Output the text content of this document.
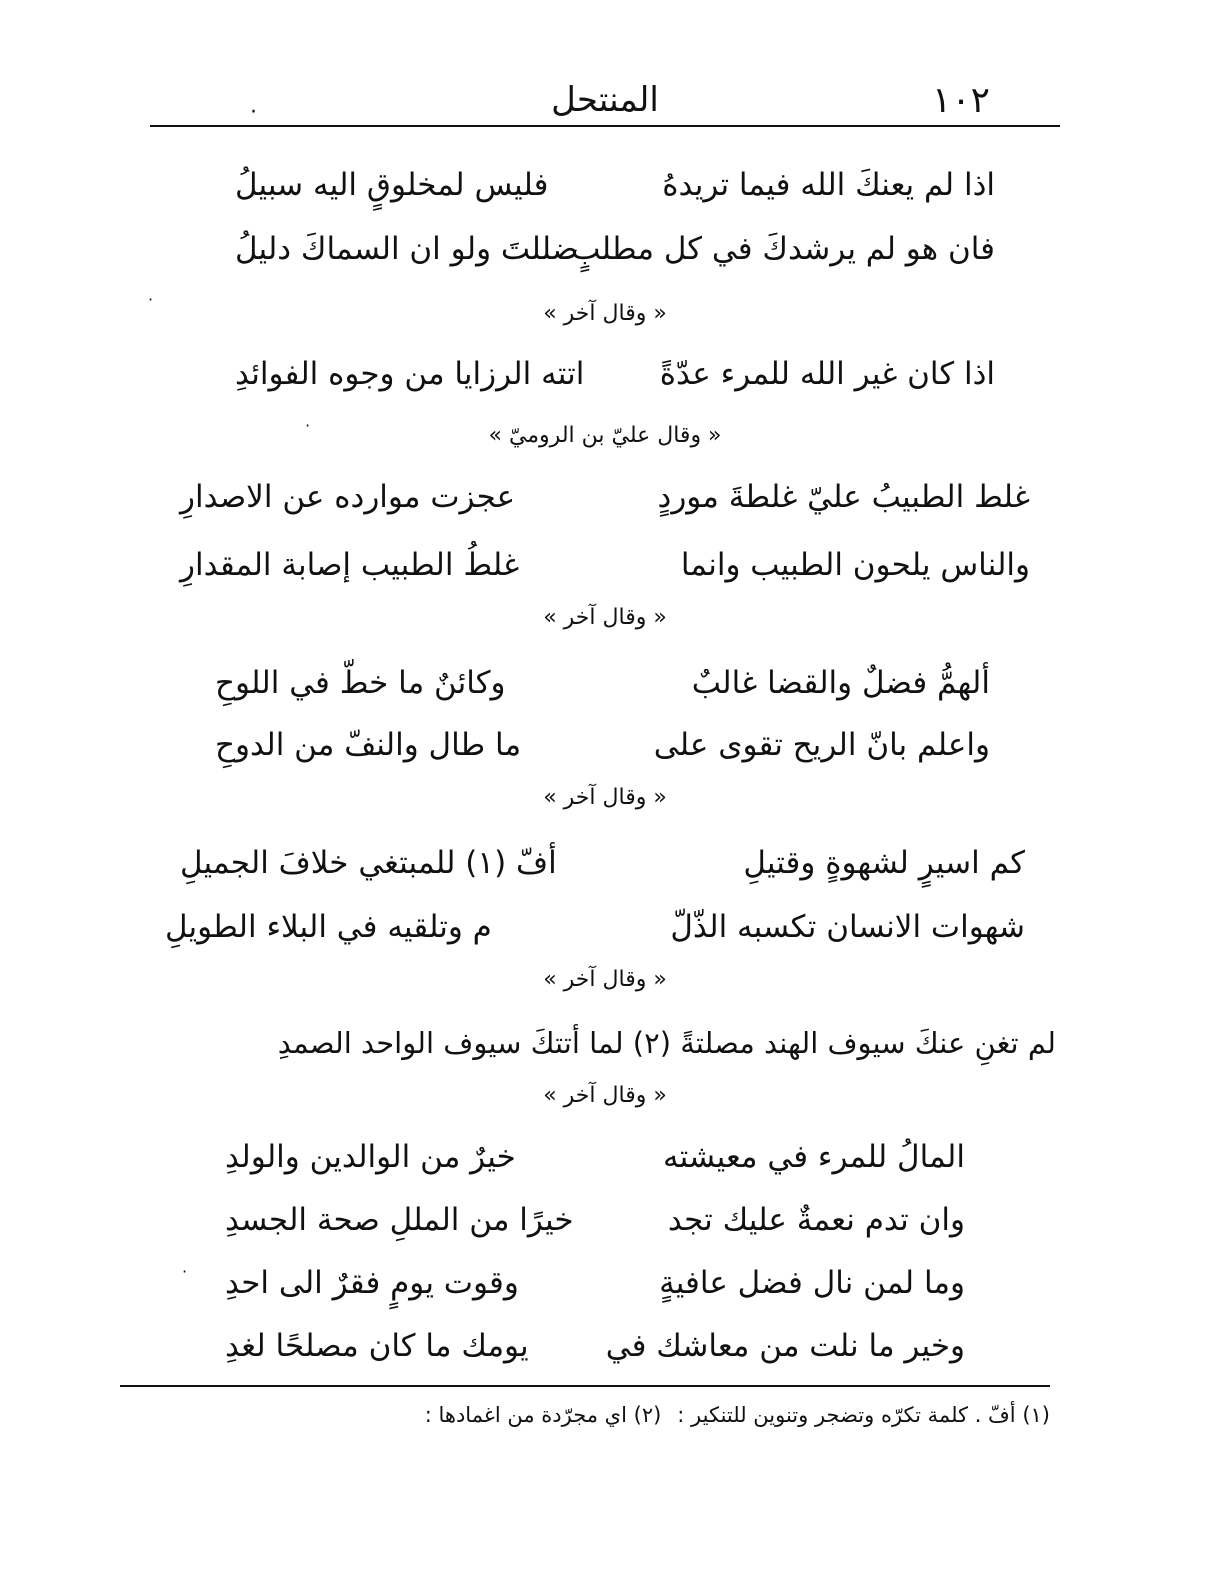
١٠٢
المنتحل
·
اذا لم يعنكَ الله فيما تريدهُ
فليس لمخلوقٍ اليه سبيلُ
فان هو لم يرشدكَ في كل مطلبٍ
ضللتَ ولو ان السماكَ دليلُ
·
« وقال آخر »
اذا كان غير الله للمرء عدّةً
اتته الرزايا من وجوه الفوائدِ
·	« وقال عليّ بن الروميّ »
غلط الطبيبُ عليّ غلطةَ موردٍ
عجزت موارده عن الاصدارِ
والناس يلحون الطبيب وانما
غلطُ الطبيب إصابة المقدارِ
« وقال آخر »
ألهمُّ فضلٌ والقضا غالبٌ
وكائنٌ ما خطّ في اللوحِ
واعلم بانّ الريح تقوى على
ما طال والنفّ من الدوحِ
« وقال آخر »
كم اسيرٍ لشهوةٍ وقتيلِ
أفّ (١) للمبتغي خلافَ الجميلِ
شهوات الانسان تكسبه الذّلّ
م وتلقيه في البلاء الطويلِ
« وقال آخر »
لم تغنِ عنكَ سيوف الهند مصلتةً (٢) لما أتتكَ سيوف الواحد الصمدِ
« وقال آخر »
المالُ للمرء في معيشته
خيرٌ من الوالدين والولدِ
وان تدم نعمةٌ عليك تجد
خيرًا من المللِ صحة الجسدِ
وما لمن نال فضل عافيةٍ
وقوت يومٍ فقرٌ الى احدِ
وخير ما نلت من معاشك في
يومك ما كان مصلحًا لغدِ
·
(١) أفّ . كلمة تكرّه وتضجر وتنوين للتنكير :(٢) اي مجرّدة من اغمادها :
